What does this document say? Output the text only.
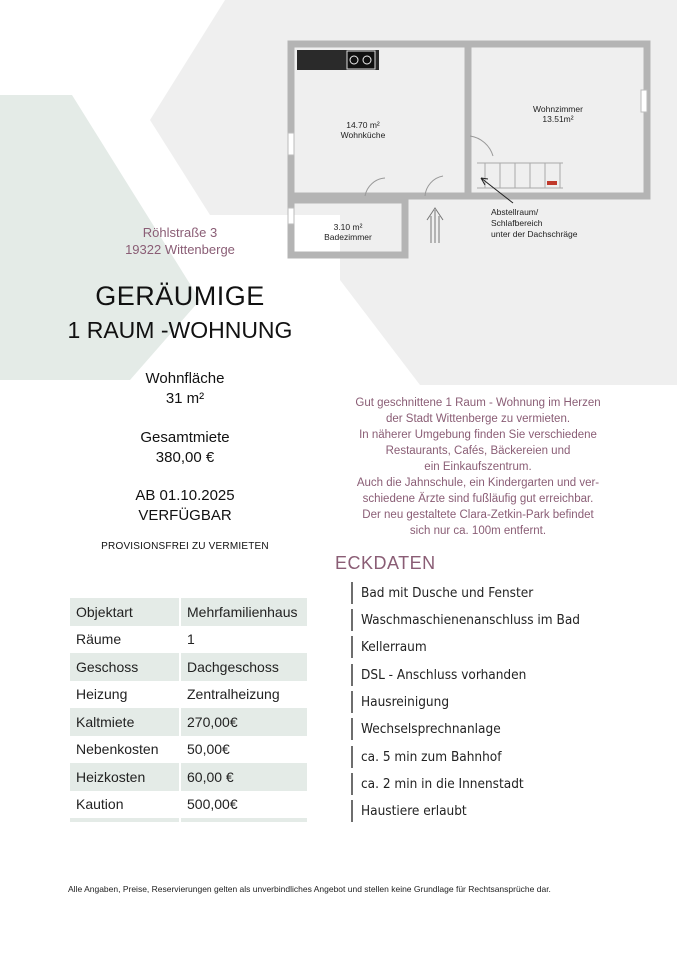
14.70 m²
Wohnküche
Wohnzimmer
13.51m²
3.10 m²
Badezimmer
Abstellraum/
Schlafbereich
unter der Dachschräge
Röhlstraße 3
19322 Wittenberge
GERÄUMIGE
1 RAUM -WOHNUNG
Wohnfläche
31 m²
Gesamtmiete
380,00 €
AB 01.10.2025
VERFÜGBAR
PROVISIONSFREI ZU VERMIETEN
Gut geschnittene 1 Raum - Wohnung im Herzen
der Stadt Wittenberge zu vermieten.
In näherer Umgebung finden Sie verschiedene
Restaurants, Cafés, Bäckereien und
ein Einkaufszentrum.
Auch die Jahnschule, ein Kindergarten und ver-
schiedene Ärzte sind fußläufig gut erreichbar.
Der neu gestaltete Clara-Zetkin-Park befindet
sich nur ca. 100m entfernt.
ECKDATEN
Bad mit Dusche und Fenster
Waschmaschienenanschluss im Bad
Kellerraum
DSL - Anschluss vorhanden
Hausreinigung
Wechselsprechnanlage
ca. 5 min zum Bahnhof
ca. 2 min in die Innenstadt
Haustiere erlaubt
Objektart	Mehrfamilienhaus
Räume	1
Geschoss	Dachgeschoss
Heizung	Zentralheizung
Kaltmiete	270,00€
Nebenkosten	50,00€
Heizkosten	60,00 €
Kaution	500,00€

Alle Angaben, Preise, Reservierungen gelten als unverbindliches Angebot und stellen keine Grundlage für Rechtsansprüche dar.
